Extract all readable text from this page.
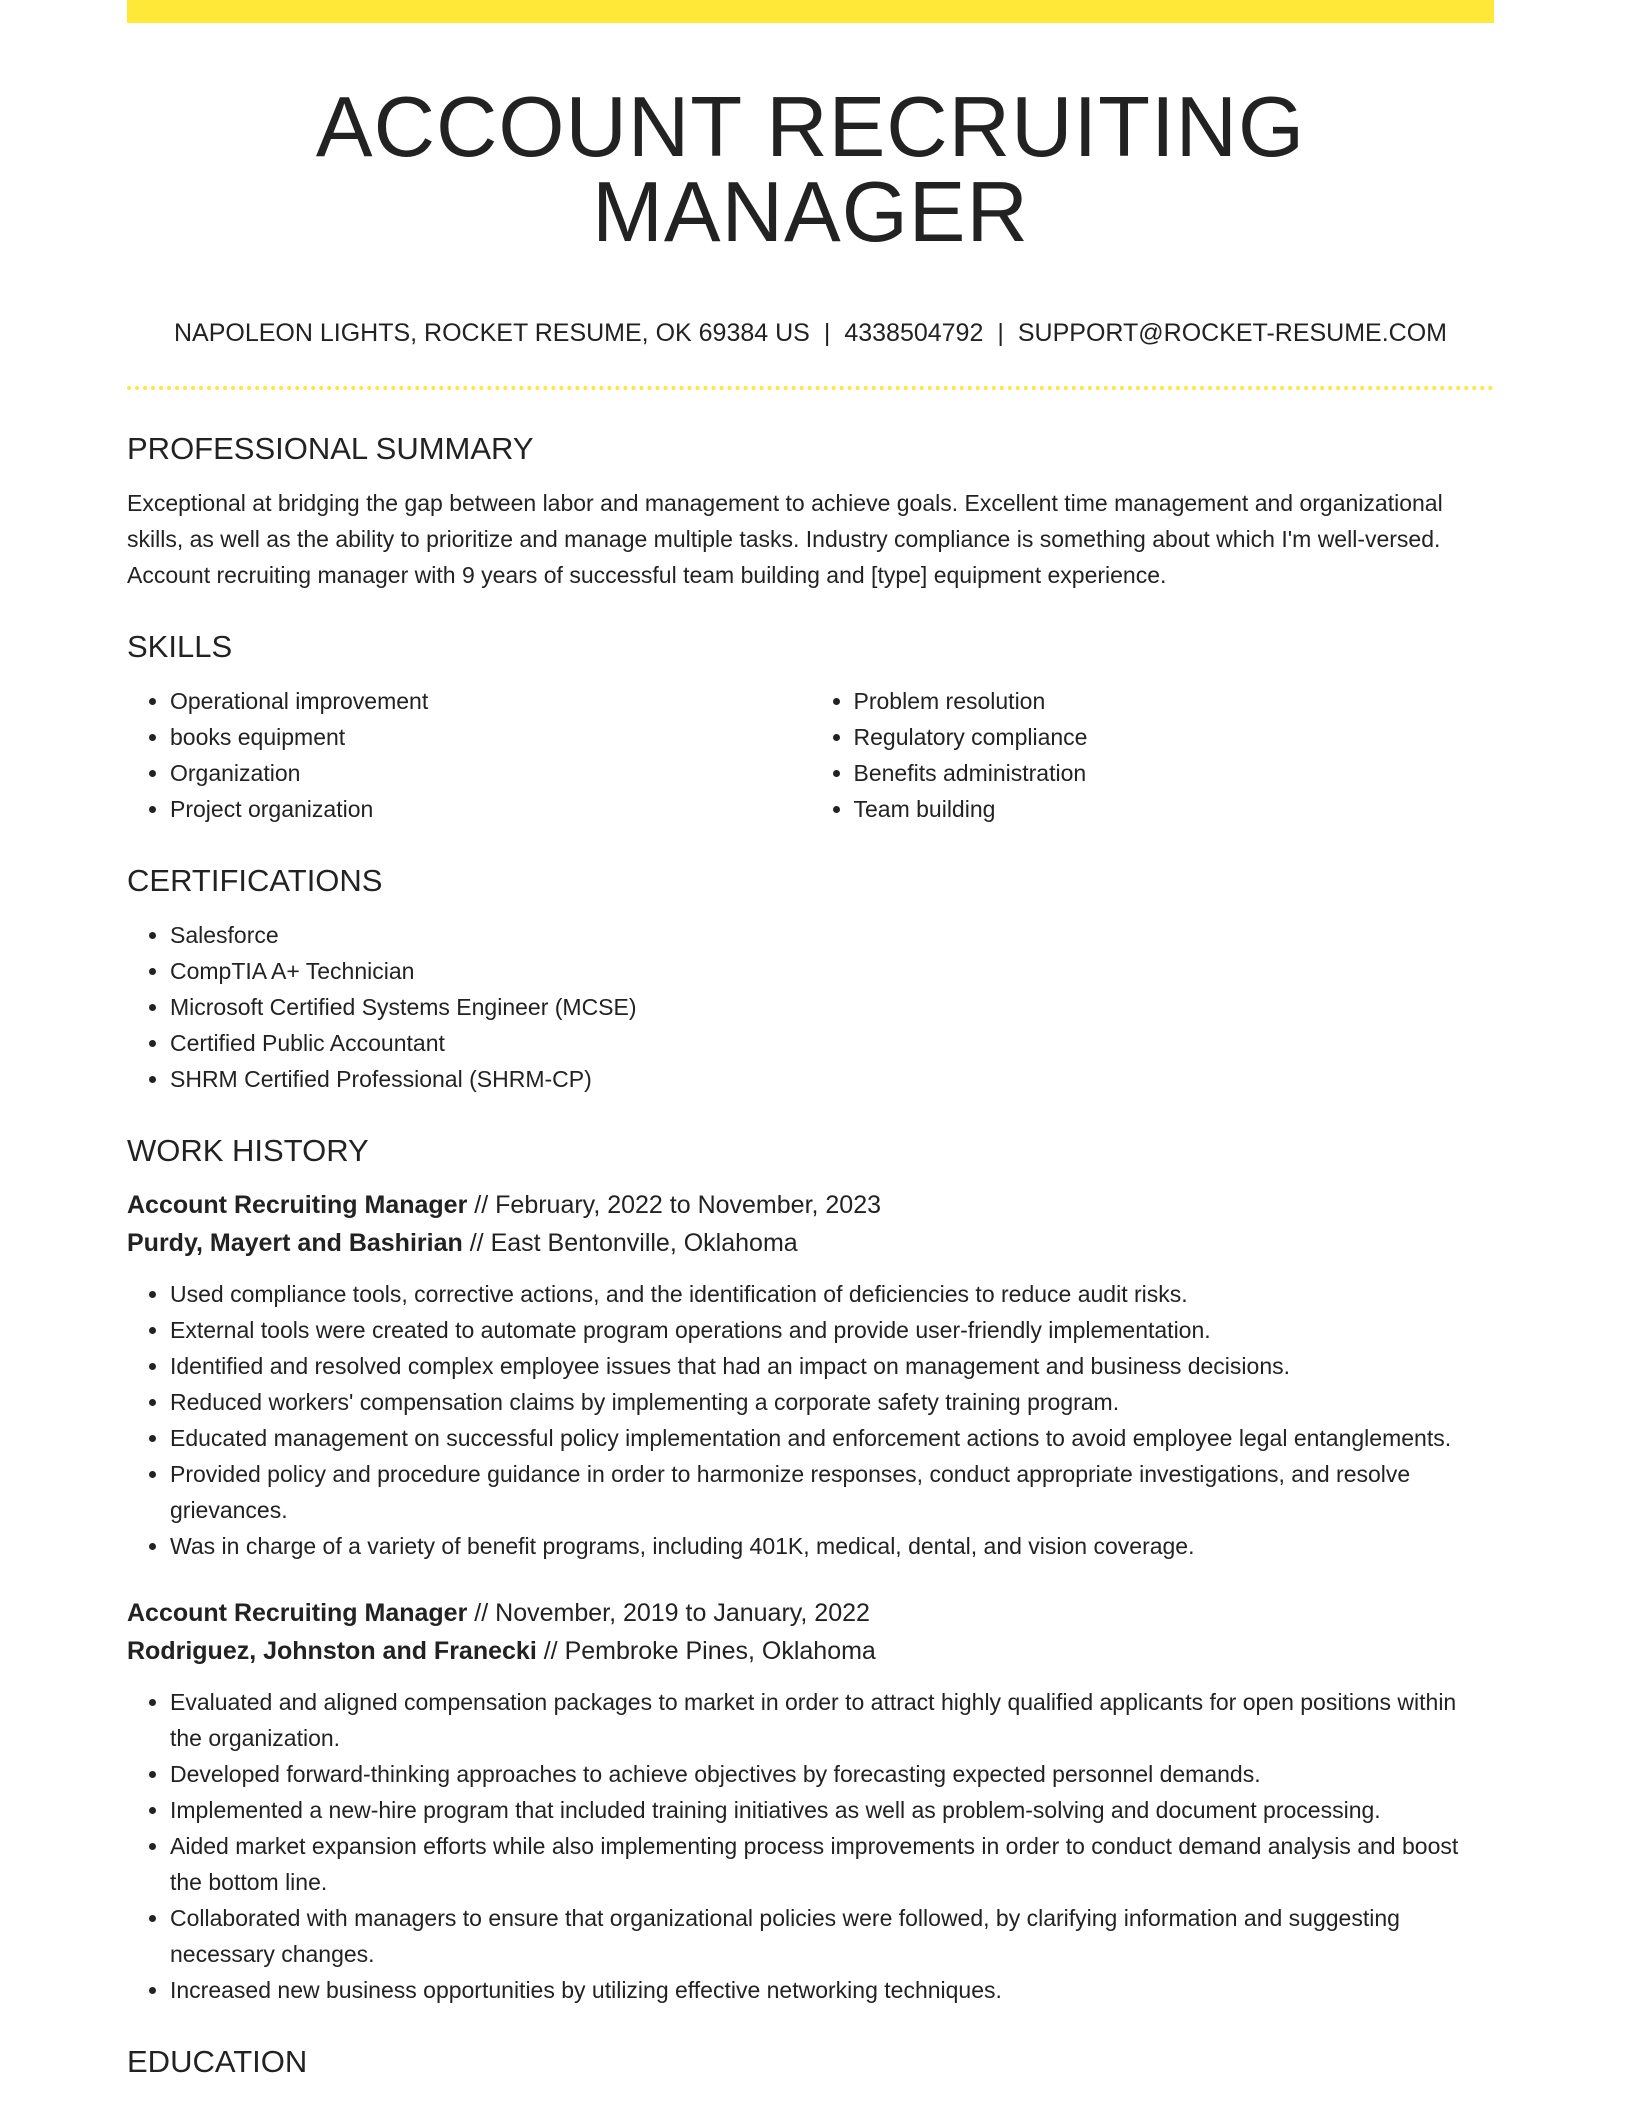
ACCOUNT RECRUITING MANAGER
NAPOLEON LIGHTS, ROCKET RESUME, OK 69384 US | 4338504792 | SUPPORT@ROCKET-RESUME.COM
PROFESSIONAL SUMMARY

Exceptional at bridging the gap between labor and management to achieve goals. Excellent time management and organizational skills, as well as the ability to prioritize and manage multiple tasks. Industry compliance is something about which I'm well-versed. Account recruiting manager with 9 years of successful team building and [type] equipment experience.

SKILLS
• Operational improvement
• books equipment
• Organization
• Project organization
• Problem resolution
• Regulatory compliance
• Benefits administration
• Team building
CERTIFICATIONS
• Salesforce
• CompTIA A+ Technician
• Microsoft Certified Systems Engineer (MCSE)
• Certified Public Accountant
• SHRM Certified Professional (SHRM-CP)
WORK HISTORY
Account Recruiting Manager // February, 2022 to November, 2023
Purdy, Mayert and Bashirian // East Bentonville, Oklahoma
• Used compliance tools, corrective actions, and the identification of deficiencies to reduce audit risks.
• External tools were created to automate program operations and provide user-friendly implementation.
• Identified and resolved complex employee issues that had an impact on management and business decisions.
• Reduced workers' compensation claims by implementing a corporate safety training program.
• Educated management on successful policy implementation and enforcement actions to avoid employee legal entanglements.
• Provided policy and procedure guidance in order to harmonize responses, conduct appropriate investigations, and resolve grievances.
• Was in charge of a variety of benefit programs, including 401K, medical, dental, and vision coverage.
Account Recruiting Manager // November, 2019 to January, 2022
Rodriguez, Johnston and Franecki // Pembroke Pines, Oklahoma
• Evaluated and aligned compensation packages to market in order to attract highly qualified applicants for open positions within the organization.
• Developed forward-thinking approaches to achieve objectives by forecasting expected personnel demands.
• Implemented a new-hire program that included training initiatives as well as problem-solving and document processing.
• Aided market expansion efforts while also implementing process improvements in order to conduct demand analysis and boost the bottom line.
• Collaborated with managers to ensure that organizational policies were followed, by clarifying information and suggesting necessary changes.
• Increased new business opportunities by utilizing effective networking techniques.
EDUCATION
